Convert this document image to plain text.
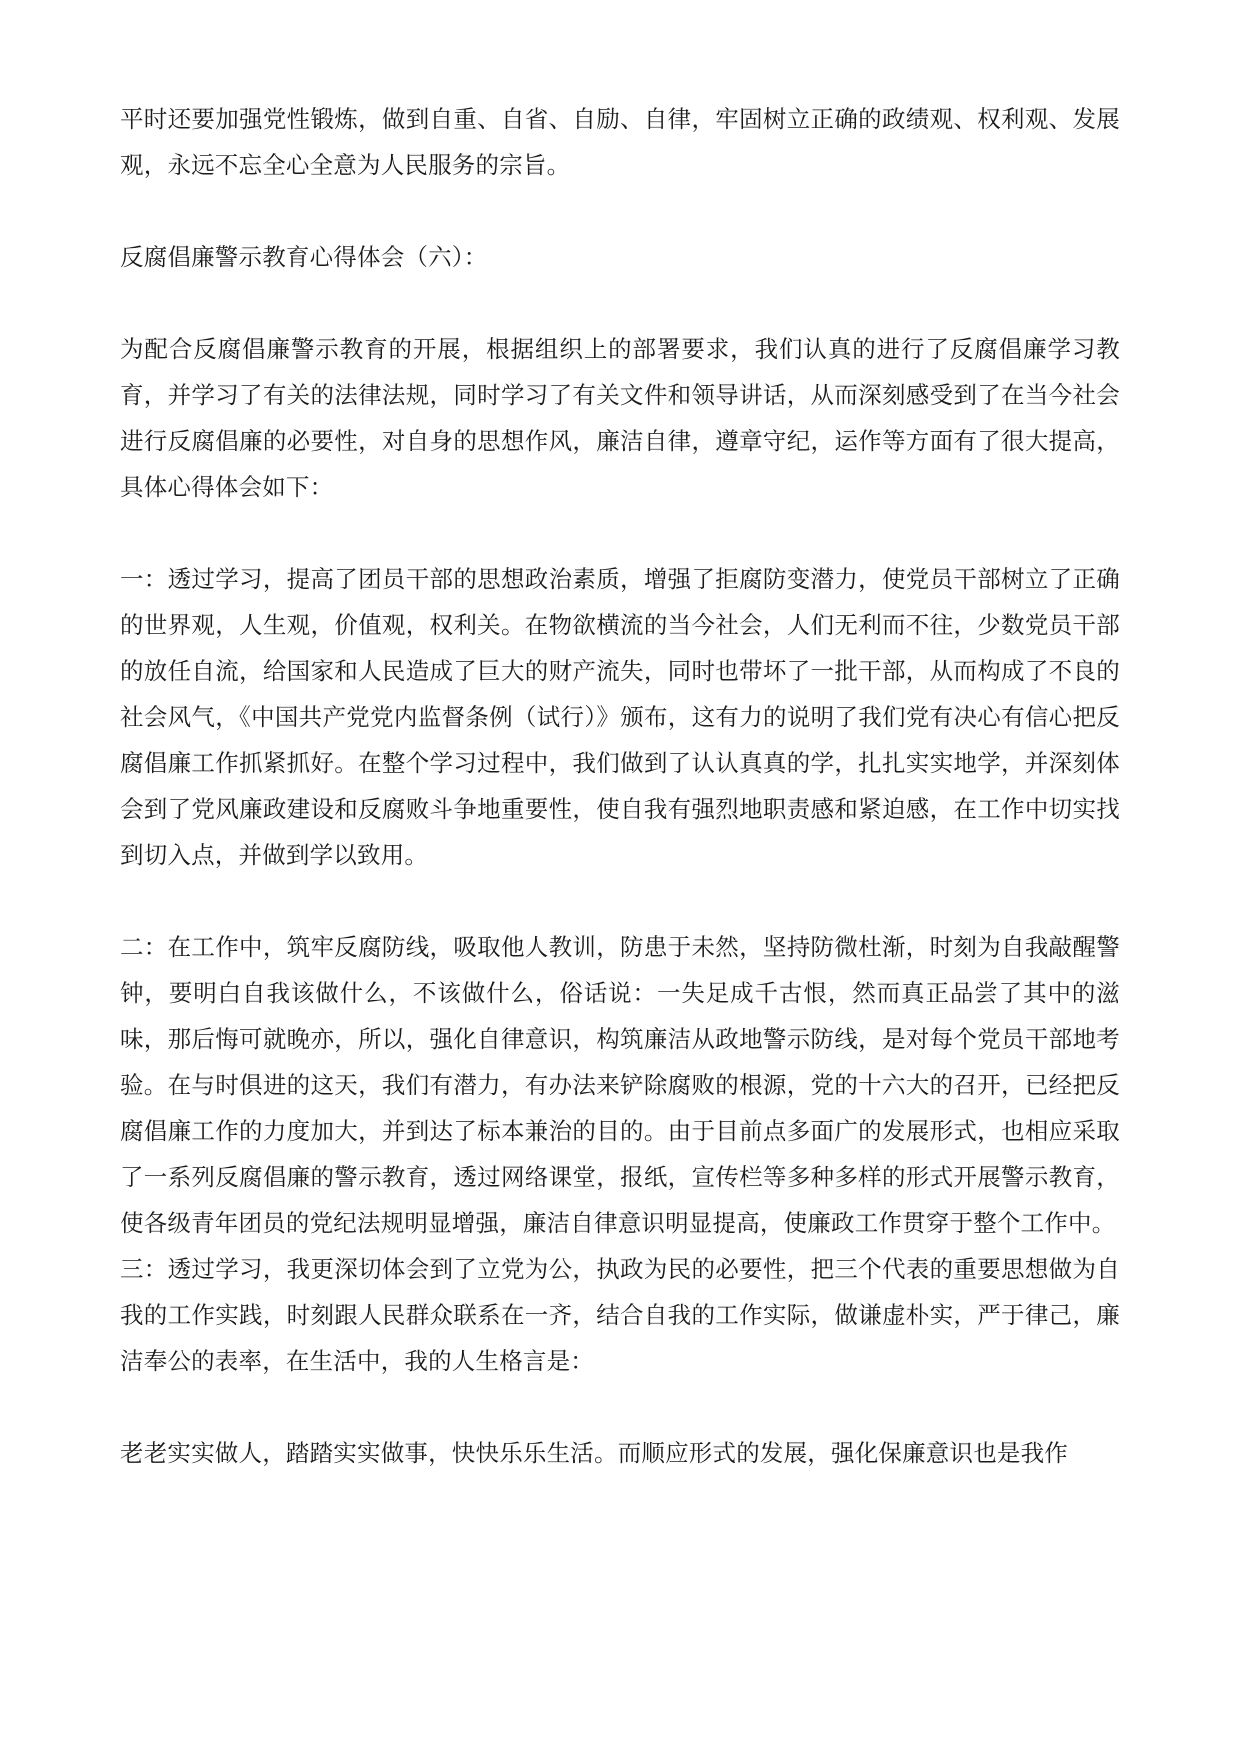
平时还要加强党性锻炼，做到自重、自省、自励、自律，牢固树立正确的政绩观、权利观、发展观，永远不忘全心全意为人民服务的宗旨。

反腐倡廉警示教育心得体会（六）：

为配合反腐倡廉警示教育的开展，根据组织上的部署要求，我们认真的进行了反腐倡廉学习教育，并学习了有关的法律法规，同时学习了有关文件和领导讲话，从而深刻感受到了在当今社会进行反腐倡廉的必要性，对自身的思想作风，廉洁自律，遵章守纪，运作等方面有了很大提高，具体心得体会如下：

一：透过学习，提高了团员干部的思想政治素质，增强了拒腐防变潜力，使党员干部树立了正确的世界观，人生观，价值观，权利关。在物欲横流的当今社会，人们无利而不往，少数党员干部的放任自流，给国家和人民造成了巨大的财产流失，同时也带坏了一批干部，从而构成了不良的社会风气，《中国共产党党内监督条例（试行）》颁布，这有力的说明了我们党有决心有信心把反腐倡廉工作抓紧抓好。在整个学习过程中，我们做到了认认真真的学，扎扎实实地学，并深刻体会到了党风廉政建设和反腐败斗争地重要性，使自我有强烈地职责感和紧迫感，在工作中切实找到切入点，并做到学以致用。

二：在工作中，筑牢反腐防线，吸取他人教训，防患于未然，坚持防微杜渐，时刻为自我敲醒警钟，要明白自我该做什么，不该做什么，俗话说：一失足成千古恨，然而真正品尝了其中的滋味，那后悔可就晚亦，所以，强化自律意识，构筑廉洁从政地警示防线，是对每个党员干部地考验。在与时俱进的这天，我们有潜力，有办法来铲除腐败的根源，党的十六大的召开，已经把反腐倡廉工作的力度加大，并到达了标本兼治的目的。由于目前点多面广的发展形式，也相应采取了一系列反腐倡廉的警示教育，透过网络课堂，报纸，宣传栏等多种多样的形式开展警示教育，使各级青年团员的党纪法规明显增强，廉洁自律意识明显提高，使廉政工作贯穿于整个工作中。

三：透过学习，我更深切体会到了立党为公，执政为民的必要性，把三个代表的重要思想做为自我的工作实践，时刻跟人民群众联系在一齐，结合自我的工作实际，做谦虚朴实，严于律己，廉洁奉公的表率，在生活中，我的人生格言是：

老老实实做人，踏踏实实做事，快快乐乐生活。而顺应形式的发展，强化保廉意识也是我作
